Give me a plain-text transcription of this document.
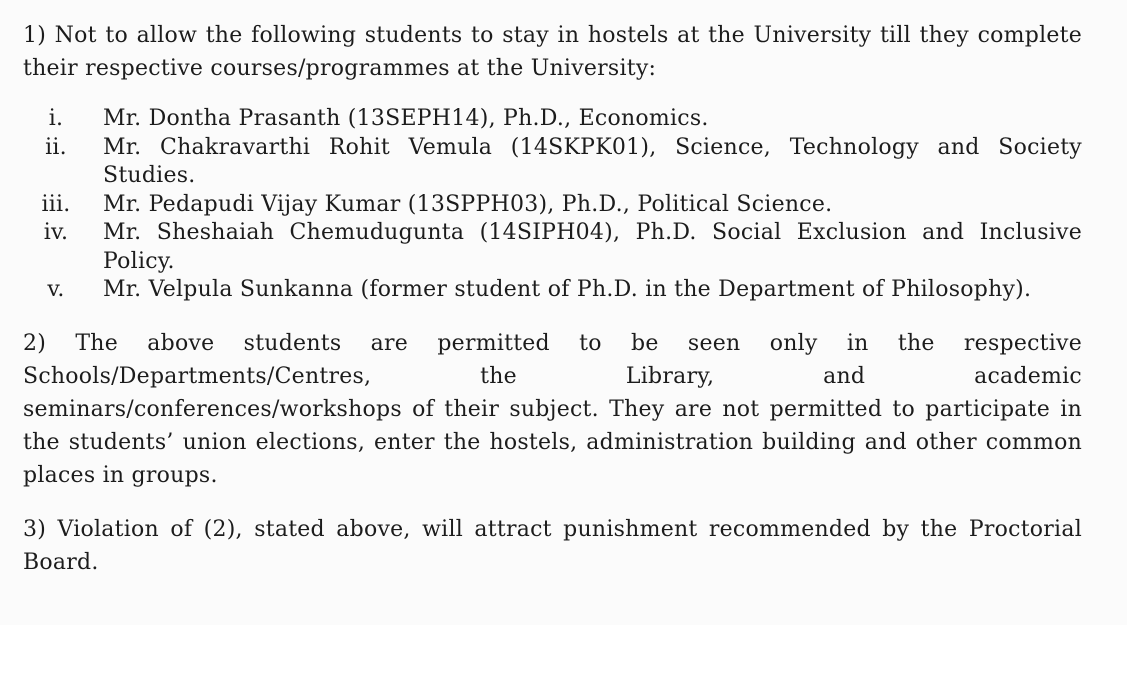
1) Not to allow the following students to stay in hostels at the University till they complete their respective courses/programmes at the University:

i.	Mr. Dontha Prasanth (13SEPH14), Ph.D., Economics.
ii.	Mr. Chakravarthi Rohit Vemula (14SKPK01), Science, Technology and Society Studies.
iii.	Mr. Pedapudi Vijay Kumar (13SPPH03), Ph.D., Political Science.
iv.	Mr. Sheshaiah Chemudugunta (14SIPH04), Ph.D. Social Exclusion and Inclusive Policy.
v.	Mr. Velpula Sunkanna (former student of Ph.D. in the Department of Philosophy).
2) The above students are permitted to be seen only in the respective
Schools/Departments/Centres, the Library, and academic
seminars/conferences/workshops of their subject. They are not permitted to participate in the students’ union elections, enter the hostels, administration building and other common places in groups.

3) Violation of (2), stated above, will attract punishment recommended by the Proctorial Board.
